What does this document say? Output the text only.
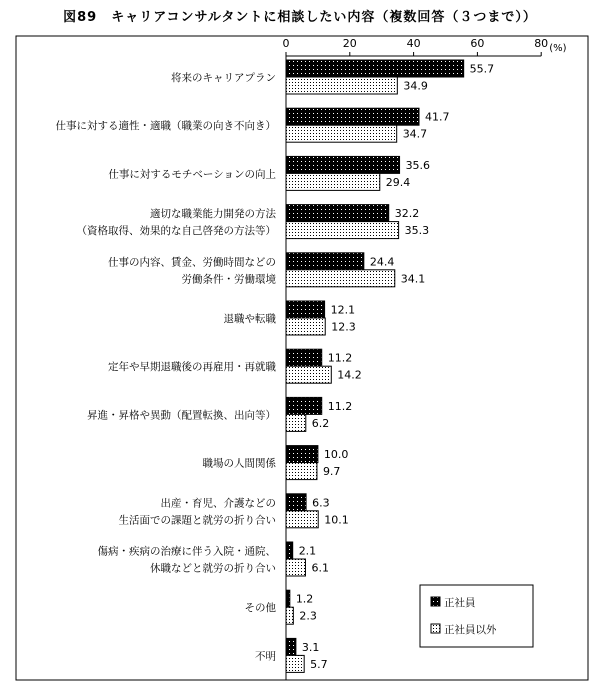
図89　キャリアコンサルタントに相談したい内容（複数回答（３つまで））
0	20	40	60	80 (%)
55.7
34.9
41.7
34.7
35.6
29.4
32.2
35.3
24.4
34.1
12.1
12.3
11.2
14.2
11.2
6.2
10.0
9.7
6.3
10.1
2.1
6.1
1.2
2.3
3.1
5.7
将来のキャリアプラン
仕事に対する適性・適職（職業の向き不向き）
仕事に対するモチベーションの向上
適切な職業能力開発の方法
（資格取得、効果的な自己啓発の方法等）
仕事の内容、賃金、労働時間などの
労働条件・労働環境
退職や転職
定年や早期退職後の再雇用・再就職
昇進・昇格や異動（配置転換、出向等）
職場の人間関係
出産・育児、介護などの
生活面での課題と就労の折り合い
傷病・疾病の治療に伴う入院・通院、
休職などと就労の折り合い
その他
不明
正社員
正社員以外
